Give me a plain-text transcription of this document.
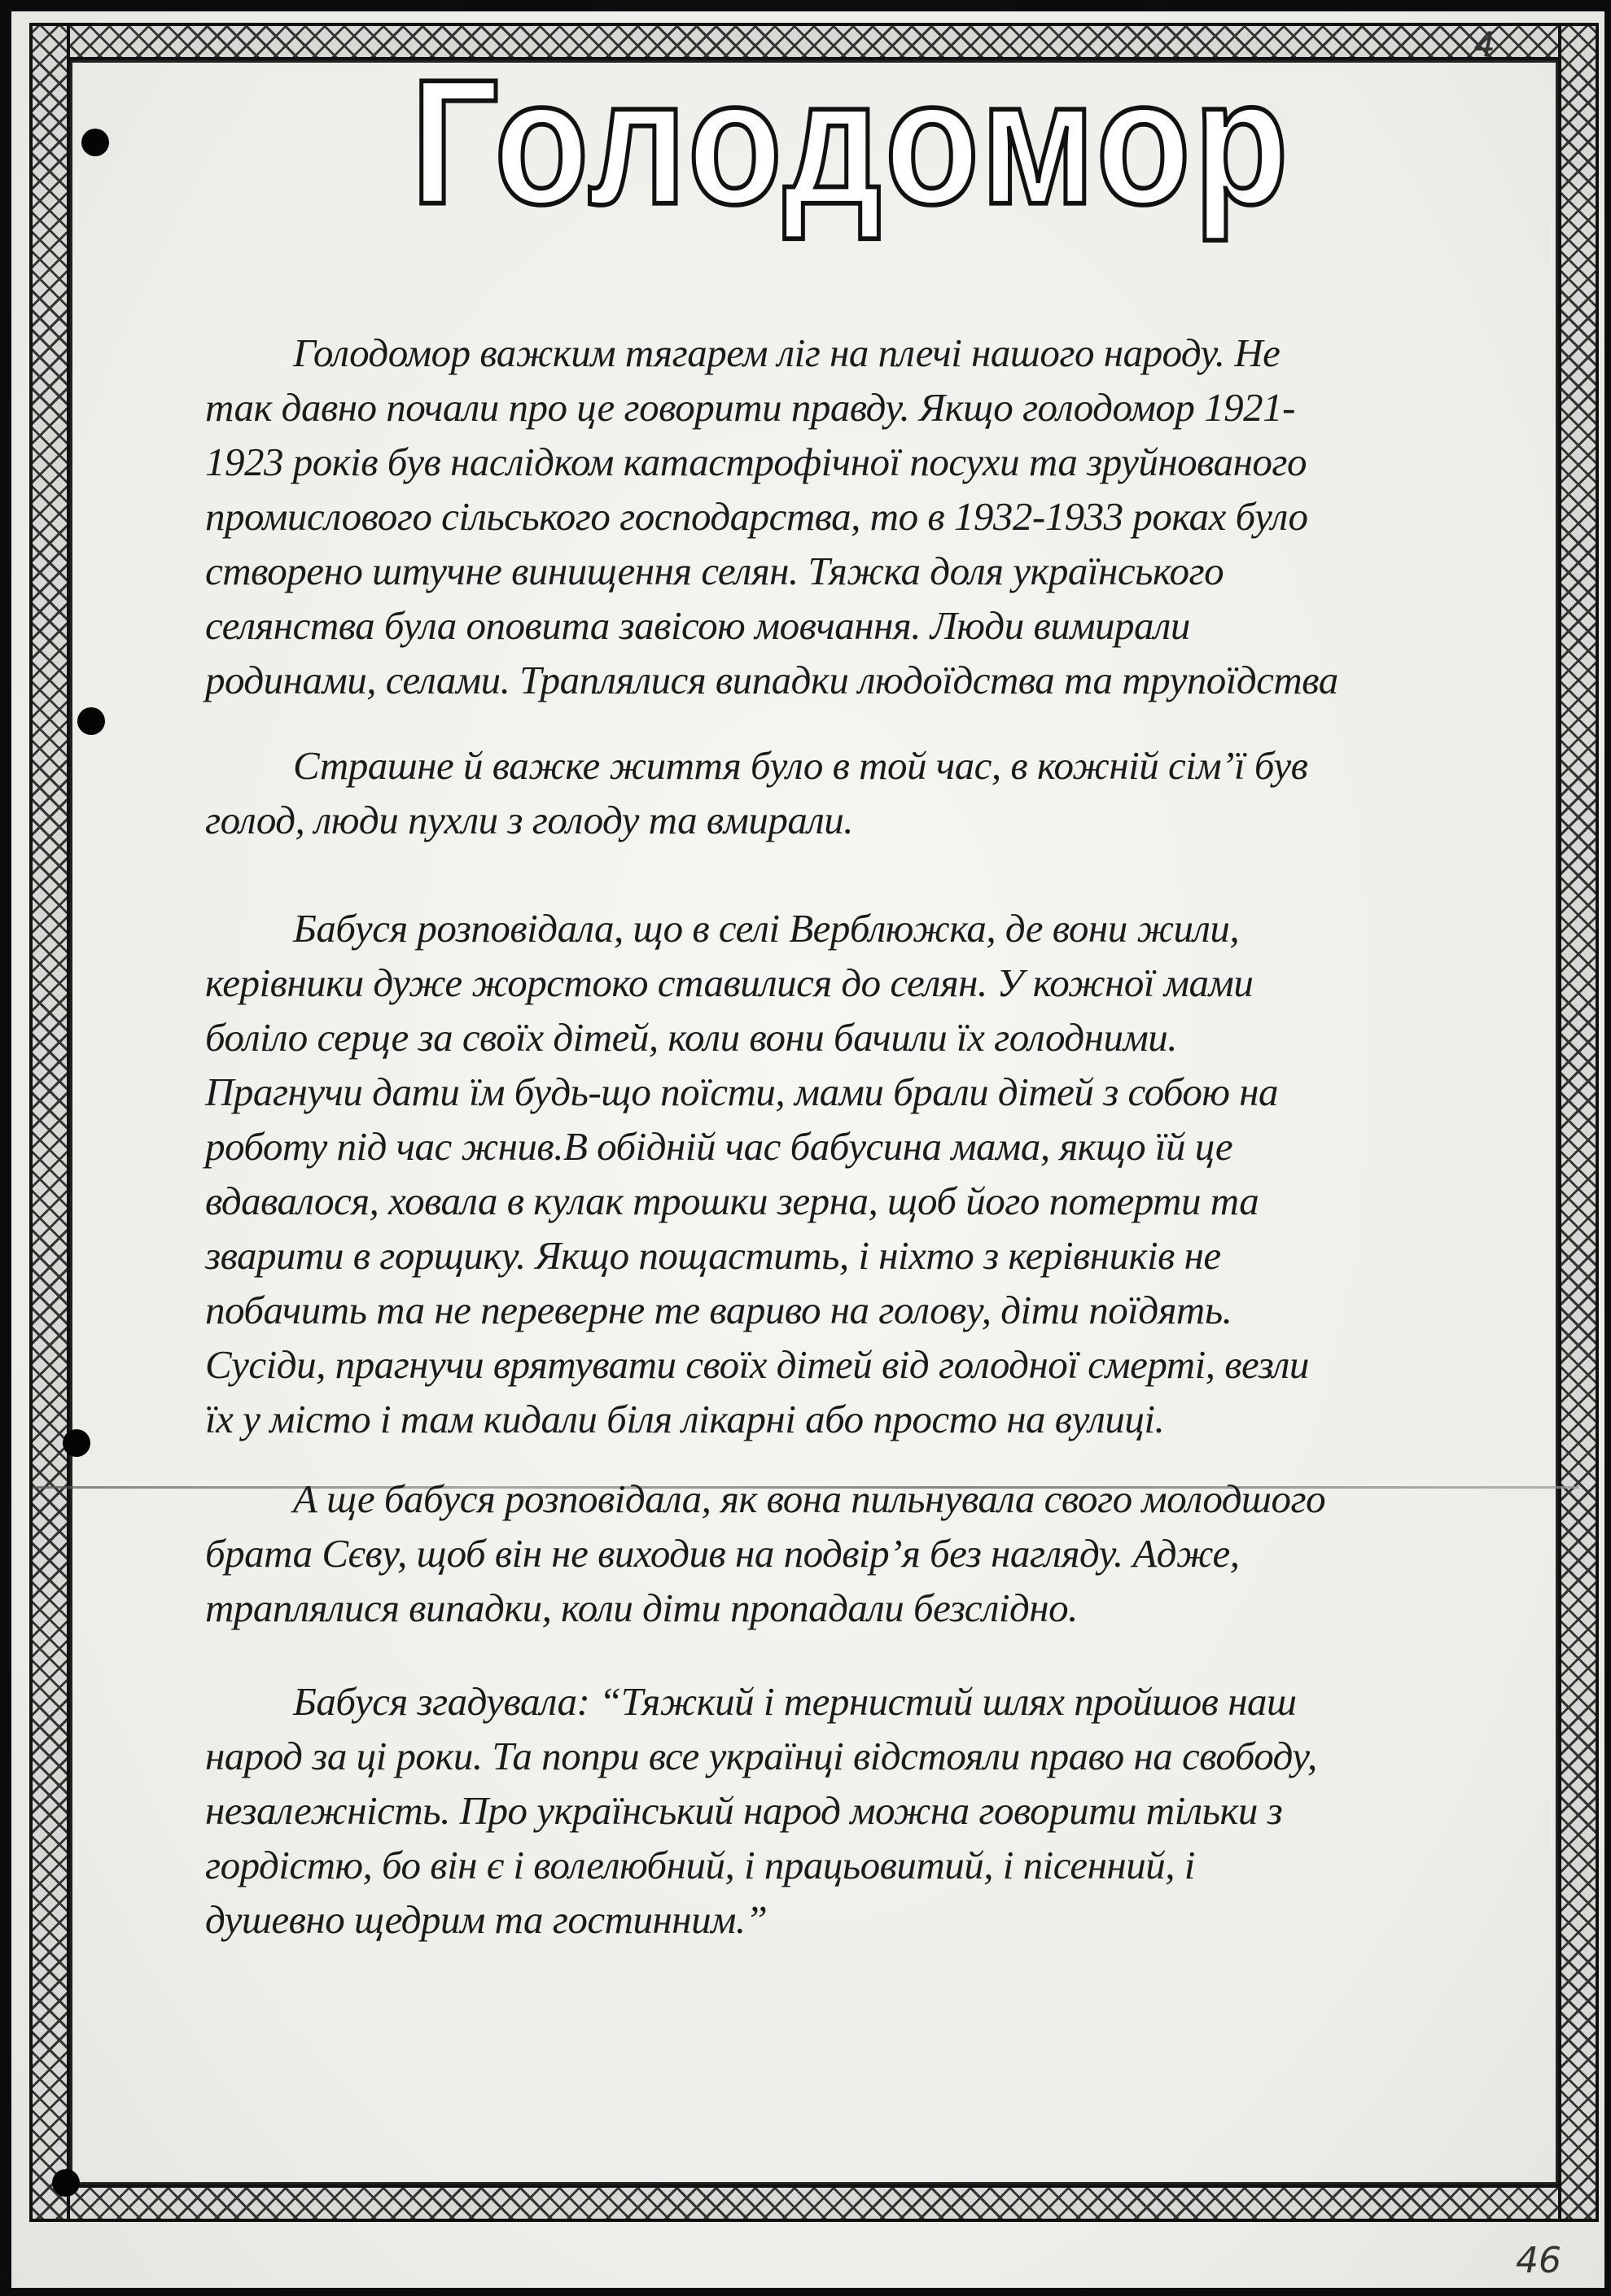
4
46
Голодомор
Голодомор важким тягарем ліг на плечі нашого народу. Не
так давно почали про це говорити правду. Якщо голодомор 1921-
1923 років був наслідком катастрофічної посухи та зруйнованого
промислового сільського господарства, то в 1932-1933 роках було
створено штучне винищення селян. Тяжка доля українського
селянства була оповита завісою мовчання. Люди вимирали
родинами, селами. Траплялися випадки людоїдства та трупоїдства
Страшне й важке життя було в той час, в кожній сім’ї був
голод, люди пухли з голоду та вмирали.
Бабуся розповідала, що в селі Верблюжка, де вони жили,
керівники дуже жорстоко ставилися до селян. У кожної мами
боліло серце за своїх дітей, коли вони бачили їх голодними.
Прагнучи дати їм будь-що поїсти, мами брали дітей з собою на
роботу під час жнив.В обідній час бабусина мама, якщо їй це
вдавалося, ховала в кулак трошки зерна, щоб його потерти та
зварити в горщику. Якщо пощастить, і ніхто з керівників не
побачить та не переверне те вариво на голову, діти поїдять.
Сусіди, прагнучи врятувати своїх дітей від голодної смерті, везли
їх у місто і там кидали біля лікарні або просто на вулиці.
А ще бабуся розповідала, як вона пильнувала свого молодшого
брата Сєву, щоб він не виходив на подвір’я без нагляду. Адже,
траплялися випадки, коли діти пропадали безслідно.
Бабуся згадувала: “Тяжкий і тернистий шлях пройшов наш
народ за ці роки. Та попри все українці відстояли право на свободу,
незалежність. Про український народ можна говорити тільки з
гордістю, бо він є і волелюбний, і працьовитий, і пісенний, і
душевно щедрим та гостинним.”
